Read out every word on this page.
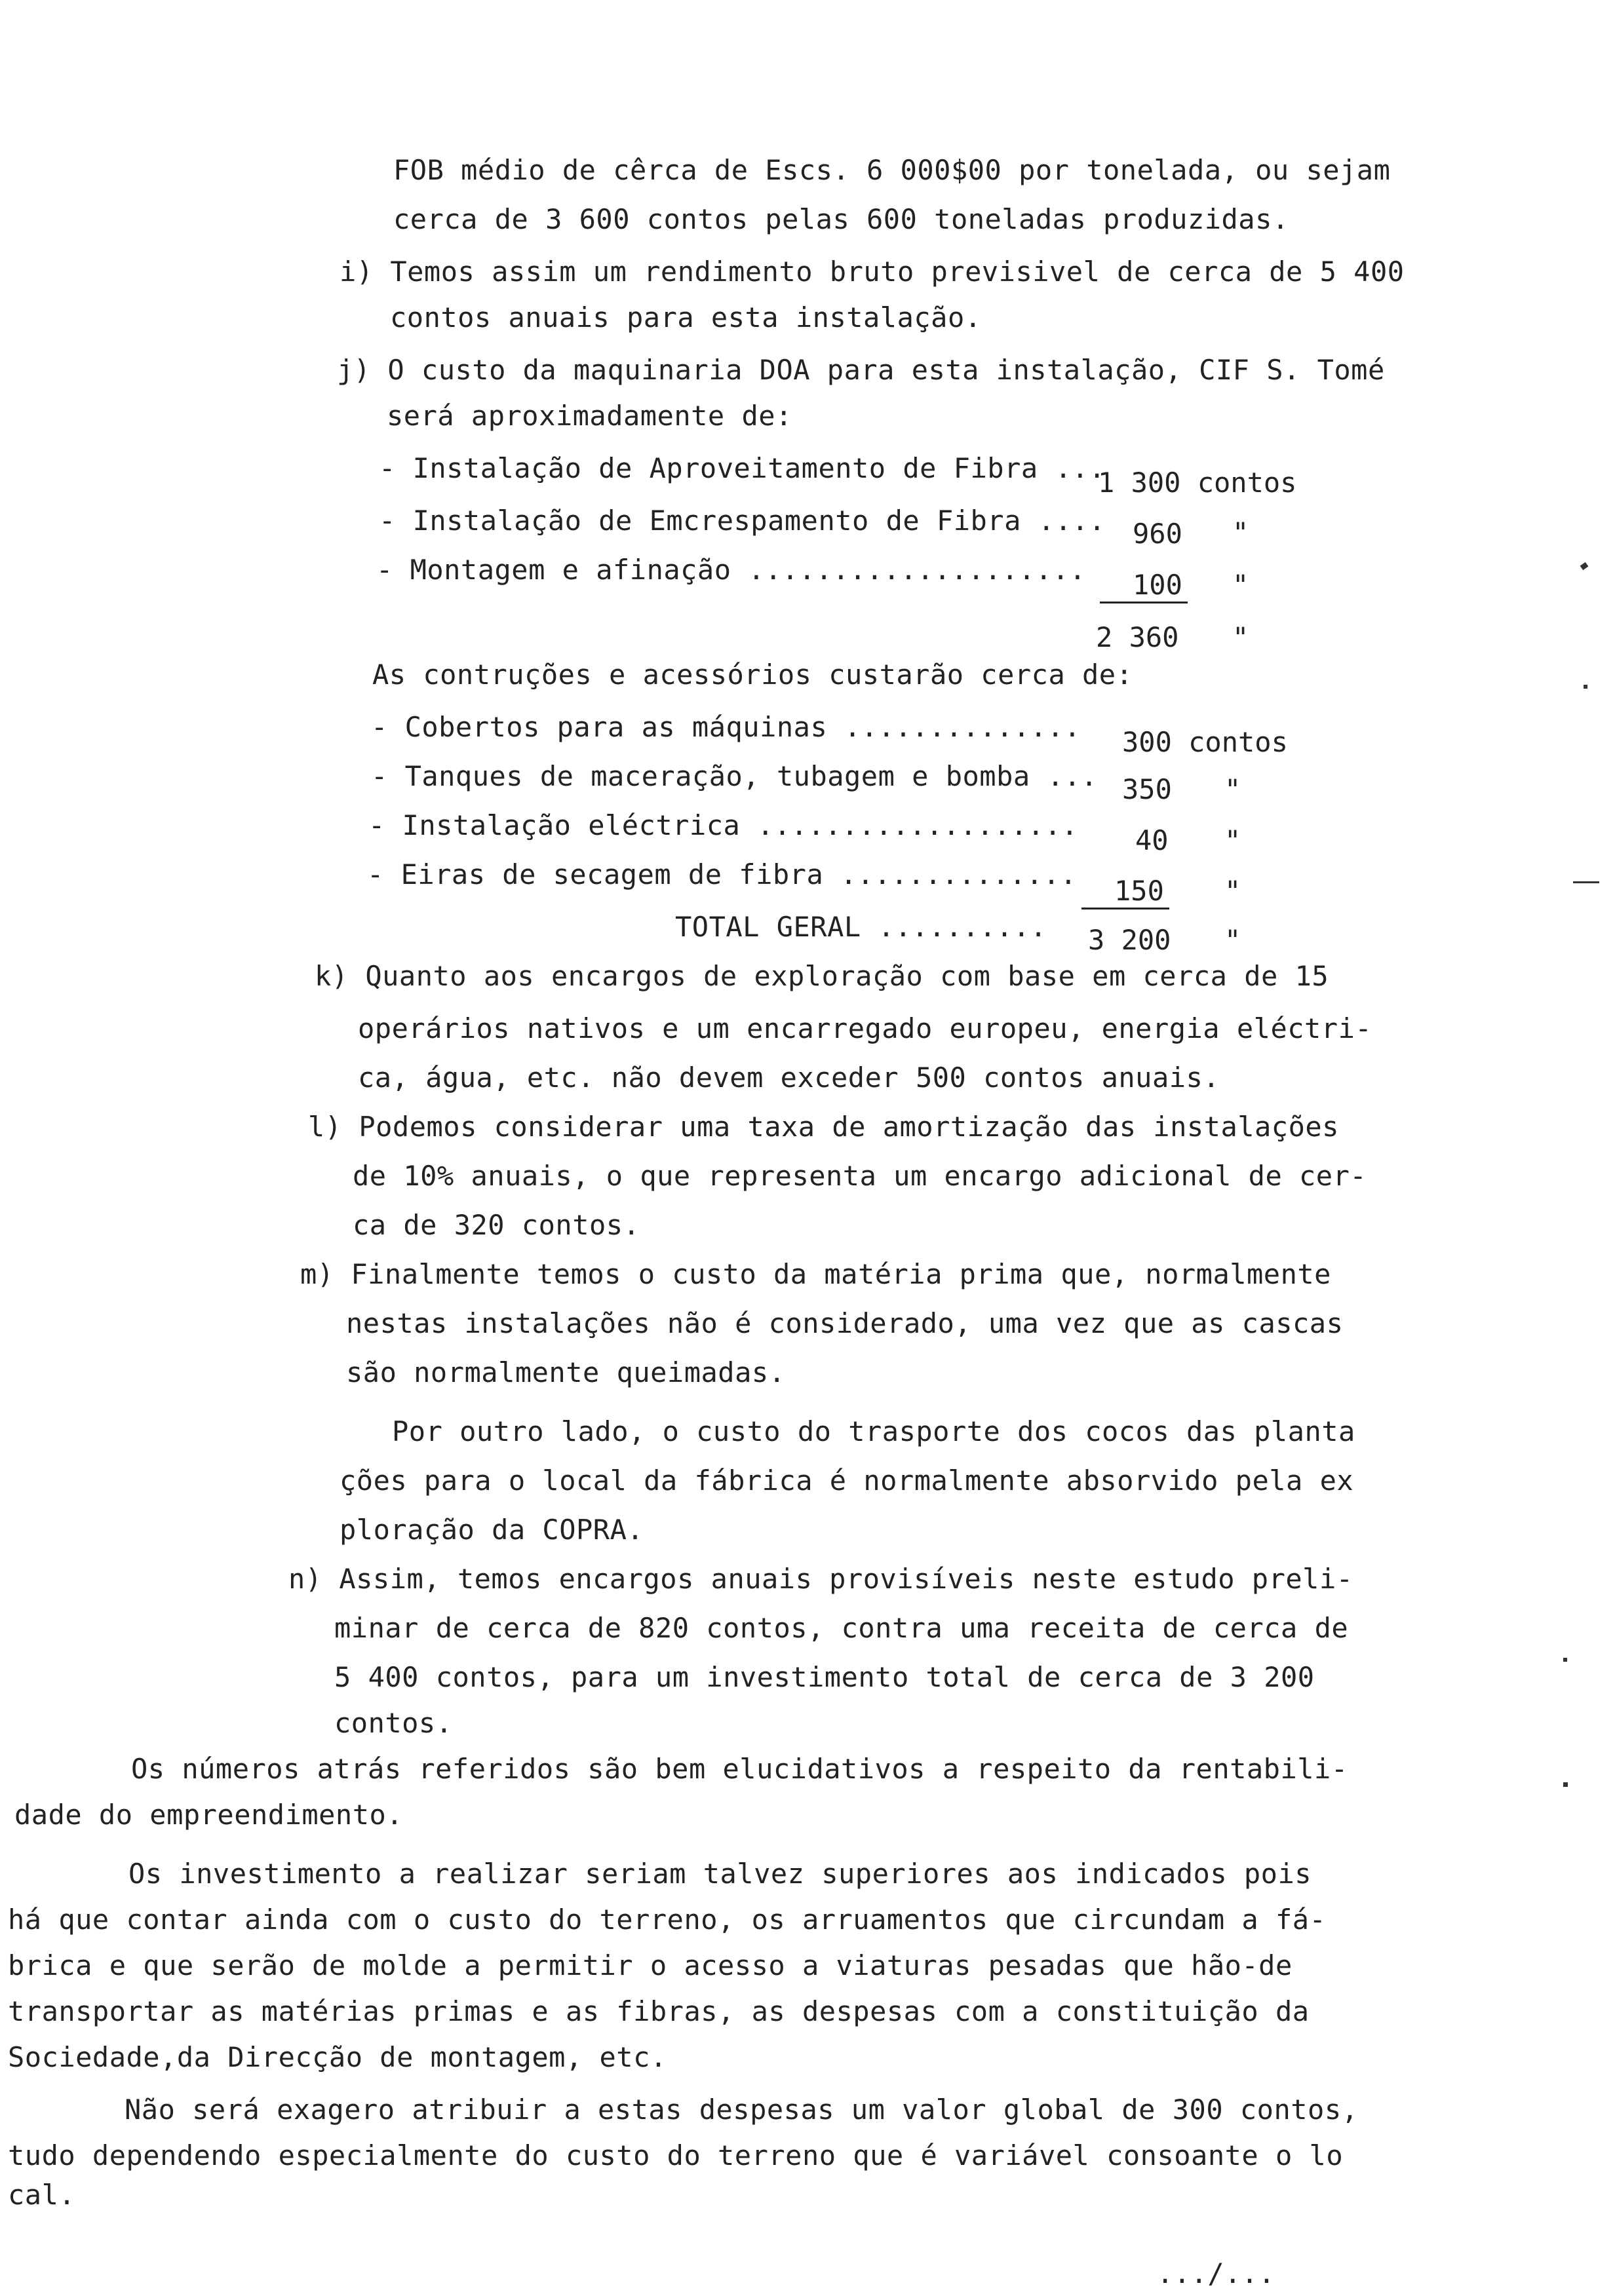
FOB médio de cêrca de Escs. 6 000$00 por tonelada, ou sejam
cerca de 3 600 contos pelas 600 toneladas produzidas.
i) Temos assim um rendimento bruto previsivel de cerca de 5 400
contos anuais para esta instalação.
j) O custo da maquinaria DOA para esta instalação, CIF S. Tomé
será aproximadamente de:
- Instalação de Aproveitamento de Fibra ...
1 300 contos
- Instalação de Emcrespamento de Fibra .... 960 "
- Montagem e afinação ....................	100 "
2 360 "
As contruções e acessórios custarão cerca de:
- Cobertos para as máquinas .............. 300 contos
- Tanques de maceração, tubagem e bomba ... 350 "
- Instalação eléctrica ................... 40 "
- Eiras de secagem de fibra ..............
150 "
TOTAL GERAL .......... 3 200 "
k) Quanto aos encargos de exploração com base em cerca de 15
operários nativos e um encarregado europeu, energia eléctri-
ca, água, etc. não devem exceder 500 contos anuais.
l) Podemos considerar uma taxa de amortização das instalações
de 10% anuais, o que representa um encargo adicional de cer-
ca de 320 contos.
m) Finalmente temos o custo da matéria prima que, normalmente
nestas instalações não é considerado, uma vez que as cascas
são normalmente queimadas.
Por outro lado, o custo do trasporte dos cocos das planta
ções para o local da fábrica é normalmente absorvido pela ex
ploração da COPRA.
n) Assim, temos encargos anuais provisíveis neste estudo preli-
minar de cerca de 820 contos, contra uma receita de cerca de
5 400 contos, para um investimento total de cerca de 3 200
contos.
Os números atrás referidos são bem elucidativos a respeito da rentabili-
dade do empreendimento.
Os investimento a realizar seriam talvez superiores aos indicados pois
há que contar ainda com o custo do terreno, os arruamentos que circundam a fá-
brica e que serão de molde a permitir o acesso a viaturas pesadas que hão-de
transportar as matérias primas e as fibras, as despesas com a constituição da
Sociedade,da Direcção de montagem, etc.
Não será exagero atribuir a estas despesas um valor global de 300 contos,
tudo dependendo especialmente do custo do terreno que é variável consoante o lo
cal.
.../...
